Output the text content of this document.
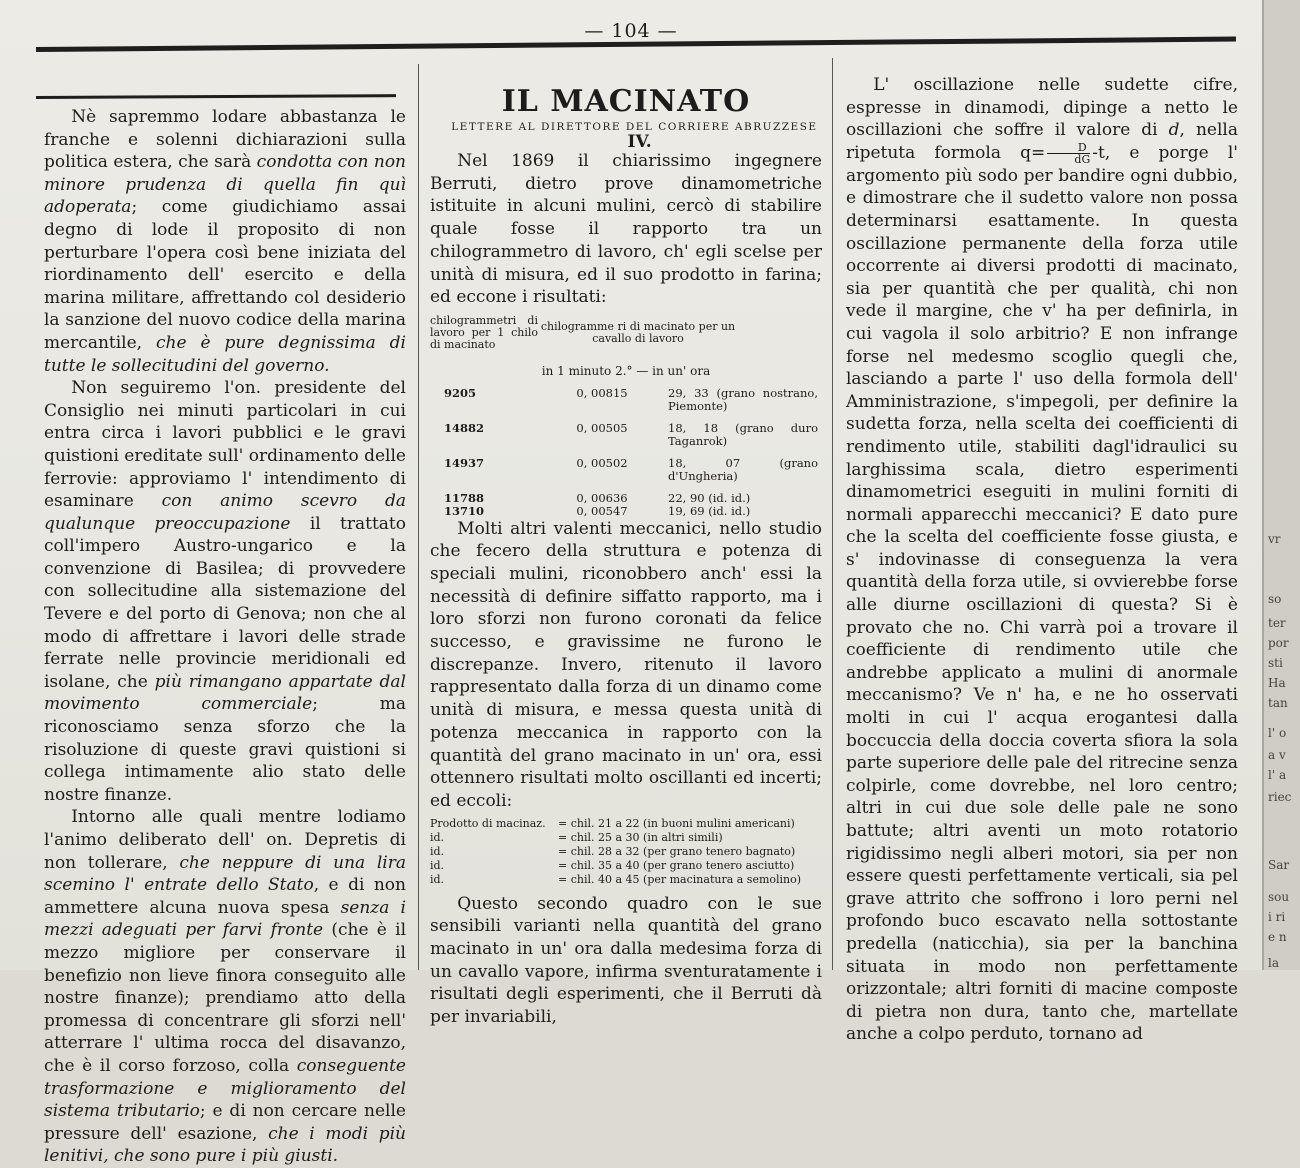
— 104 —

Nè sapremmo lodare abbastanza le franche e solenni dichiarazioni sulla politica estera, che sarà condotta con non minore prudenza di quella fin quì adoperata; come giudichiamo assai degno di lode il proposito di non perturbare l'opera così bene iniziata del riordinamento dell' esercito e della marina militare, affrettando col desiderio la sanzione del nuovo codice della marina mercantile, che è pure degnissima di tutte le sollecitudini del governo.

Non seguiremo l'on. presidente del Consiglio nei minuti particolari in cui entra circa i lavori pubblici e le gravi quistioni ereditate sull' ordinamento delle ferrovie: approviamo l' intendimento di esaminare con animo scevro da qualunque preoccupazione il trattato coll'impero Austro-ungarico e la convenzione di Basilea; di provvedere con sollecitudine alla sistemazione del Tevere e del porto di Genova; non che al modo di affrettare i lavori delle strade ferrate nelle provincie meridionali ed isolane, che più rimangano appartate dal movimento commerciale; ma riconosciamo senza sforzo che la risoluzione di queste gravi quistioni si collega intimamente alio stato delle nostre finanze.

Intorno alle quali mentre lodiamo l'animo deliberato dell' on. Depretis di non tollerare, che neppure di una lira scemino l' entrate dello Stato, e di non ammettere alcuna nuova spesa senza i mezzi adeguati per farvi fronte (che è il mezzo migliore per conservare il benefizio non lieve finora conseguito alle nostre finanze); prendiamo atto della promessa di concentrare gli sforzi nell' atterrare l' ultima rocca del disavanzo, che è il corso forzoso, colla conseguente trasformazione e miglioramento del sistema tributario; e di non cercare nelle pressure dell' esazione, che i modi più lenitivi, che sono pure i più giusti.

IL MACINATO

LETTERE AL DIRETTORE DEL CORRIERE ABRUZZESE

IV.

Nel 1869 il chiarissimo ingegnere Berruti, dietro prove dinamometriche istituite in alcuni mulini, cercò di stabilire quale fosse il rapporto tra un chilogrammetro di lavoro, ch' egli scelse per unità di misura, ed il suo prodotto in farina; ed eccone i risultati:

chilogrammetri di lavoro per 1 chilo di macinato
chilogramme ri di macinato per un cavallo di lavoro
in 1 minuto 2.° — in un' ora
9205	0, 00815	29, 33 (grano nostrano, Piemonte)
14882	0, 00505	18, 18 (grano duro Taganrok)
14937	0, 00502	18, 07 (grano d'Ungheria)
11788	0, 00636	22, 90 (id. id.)
13710	0, 00547	19, 69 (id. id.)

Molti altri valenti meccanici, nello studio che fecero della struttura e potenza di speciali mulini, riconobbero anch' essi la necessità di definire siffatto rapporto, ma i loro sforzi non furono coronati da felice successo, e gravissime ne furono le discrepanze. Invero, ritenuto il lavoro rappresentato dalla forza di un dinamo come unità di misura, e messa questa unità di potenza meccanica in rapporto con la quantità del grano macinato in un' ora, essi ottennero risultati molto oscillanti ed incerti; ed eccoli:

Prodotto di macinaz.	= chil. 21 a 22 (in buoni mulini americani)
id.	= chil. 25 a 30 (in altri simili)
id.	= chil. 28 a 32 (per grano tenero bagnato)
id.	= chil. 35 a 40 (per grano tenero asciutto)
id.	= chil. 40 a 45 (per macinatura a semolino)

Questo secondo quadro con le sue sensibili varianti nella quantità del grano macinato in un' ora dalla medesima forza di un cavallo vapore, infirma sventuratamente i risultati degli esperimenti, che il Berruti dà per invariabili,

L' oscillazione nelle sudette cifre, espresse in dinamodi, dipinge a netto le oscillazioni che soffre il valore di d, nella ripetuta formola $q= \frac{D}{dG} -t$, e porge l' argomento più sodo per bandire ogni dubbio, e dimostrare che il sudetto valore non possa determinarsi esattamente. In questa oscillazione permanente della forza utile occorrente ai diversi prodotti di macinato, sia per quantità che per qualità, chi non vede il margine, che v' ha per definirla, in cui vagola il solo arbitrio? E non infrange forse nel medesmo scoglio quegli che, lasciando a parte l' uso della formola dell' Amministrazione, s'impegoli, per definire la sudetta forza, nella scelta dei coefficienti di rendimento utile, stabiliti dagl'idraulici su larghissima scala, dietro esperimenti dinamometrici eseguiti in mulini forniti di normali apparecchi meccanici? E dato pure che la scelta del coefficiente fosse giusta, e s' indovinasse di conseguenza la vera quantità della forza utile, si ovvierebbe forse alle diurne oscillazioni di questa? Si è provato che no. Chi varrà poi a trovare il coefficiente di rendimento utile che andrebbe applicato a mulini di anormale meccanismo? Ve n' ha, e ne ho osservati molti in cui l' acqua erogantesi dalla boccuccia della doccia coverta sfiora la sola parte superiore delle pale del ritrecine senza colpirle, come dovrebbe, nel loro centro; altri in cui due sole delle pale ne sono battute; altri aventi un moto rotatorio rigidissimo negli alberi motori, sia per non essere questi perfettamente verticali, sia pel grave attrito che soffrono i loro perni nel profondo buco escavato nella sottostante predella (naticchia), sia per la banchina situata in modo non perfettamente orizzontale; altri forniti di macine composte di pietra non dura, tanto che, martellate anche a colpo perduto, tornano ad

vr
so
ter
por
sti
Ha
tan
l' o
a v
l' a
riec
Sar
sou
i ri
e n
la
